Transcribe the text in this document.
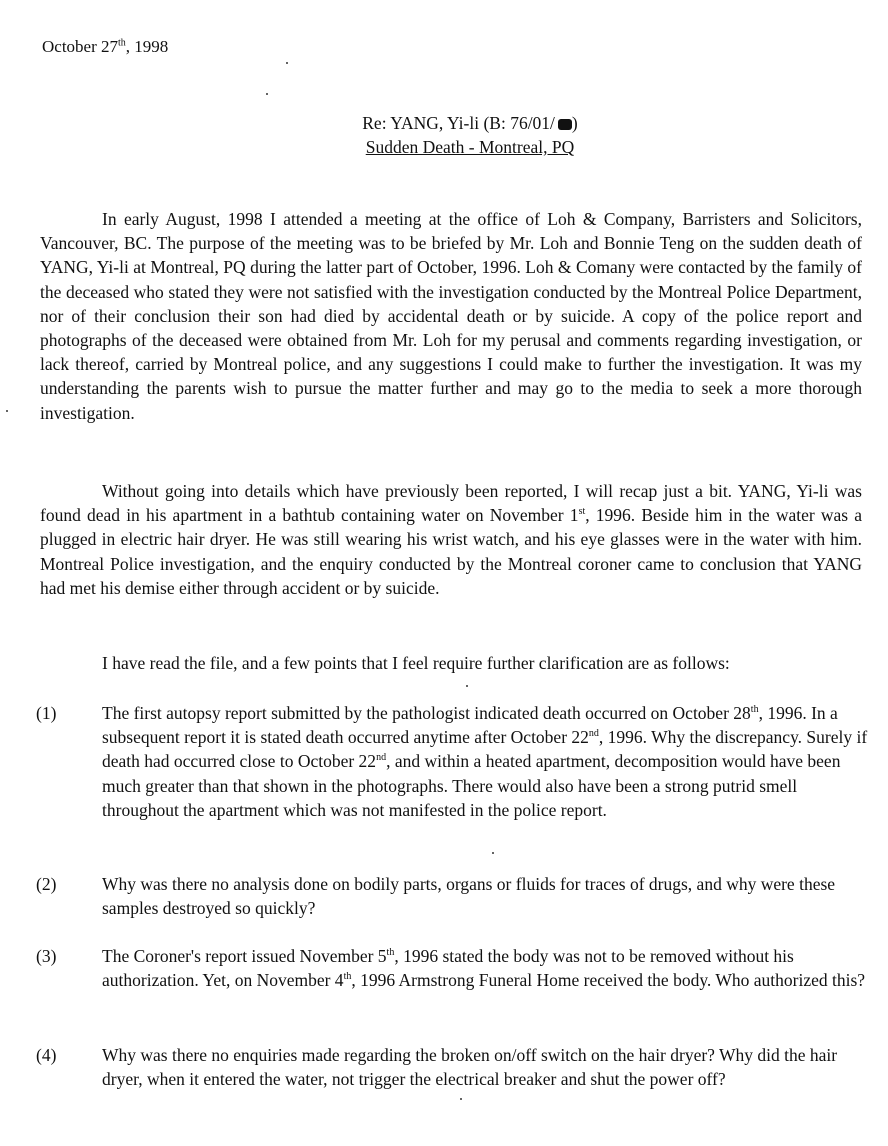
October 27th, 1998
Re: YANG, Yi-li (B: 76/01/ )
Sudden Death - Montreal, PQ
In early August, 1998 I attended a meeting at the office of Loh & Company, Barristers and Solicitors, Vancouver, BC. The purpose of the meeting was to be briefed by Mr. Loh and Bonnie Teng on the sudden death of YANG, Yi-li at Montreal, PQ during the latter part of October, 1996. Loh & Comany were contacted by the family of the deceased who stated they were not satisfied with the investigation conducted by the Montreal Police Department, nor of their conclusion their son had died by accidental death or by suicide. A copy of the police report and photographs of the deceased were obtained from Mr. Loh for my perusal and comments regarding investigation, or lack thereof, carried by Montreal police, and any suggestions I could make to further the investigation. It was my understanding the parents wish to pursue the matter further and may go to the media to seek a more thorough investigation.
Without going into details which have previously been reported, I will recap just a bit. YANG, Yi-li was found dead in his apartment in a bathtub containing water on November 1st, 1996. Beside him in the water was a plugged in electric hair dryer. He was still wearing his wrist watch, and his eye glasses were in the water with him. Montreal Police investigation, and the enquiry conducted by the Montreal coroner came to conclusion that YANG had met his demise either through accident or by suicide.
I have read the file, and a few points that I feel require further clarification are as follows:
(1)	The first autopsy report submitted by the pathologist indicated death occurred on October 28th, 1996. In a subsequent report it is stated death occurred anytime after October 22nd, 1996. Why the discrepancy. Surely if death had occurred close to October 22nd, and within a heated apartment, decomposition would have been much greater than that shown in the photographs. There would also have been a strong putrid smell throughout the apartment which was not manifested in the police report.
(2)	Why was there no analysis done on bodily parts, organs or fluids for traces of drugs, and why were these samples destroyed so quickly?
(3)	The Coroner's report issued November 5th, 1996 stated the body was not to be removed without his authorization. Yet, on November 4th, 1996 Armstrong Funeral Home received the body. Who authorized this?
(4)	Why was there no enquiries made regarding the broken on/off switch on the hair dryer? Why did the hair dryer, when it entered the water, not trigger the electrical breaker and shut the power off?
